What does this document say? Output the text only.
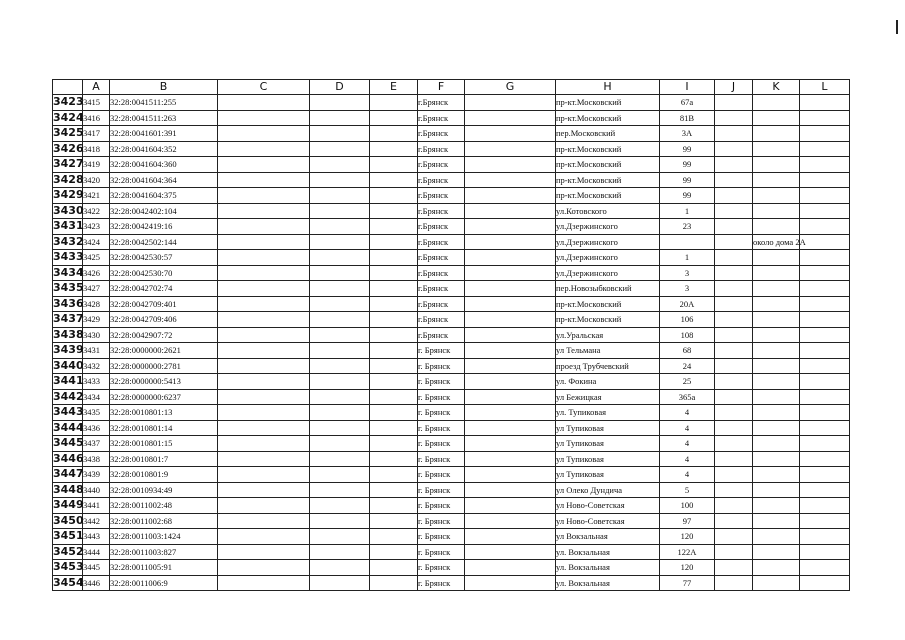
	A	B	C	D	E	F	G	H	I	J	K	L
3423	3415	32:28:0041511:255				г.Брянск		пр-кт.Московский	67а			
3424	3416	32:28:0041511:263				г.Брянск		пр-кт.Московский	81В			
3425	3417	32:28:0041601:391				г.Брянск		пер.Московский	3А			
3426	3418	32:28:0041604:352				г.Брянск		пр-кт.Московский	99			
3427	3419	32:28:0041604:360				г.Брянск		пр-кт.Московский	99			
3428	3420	32:28:0041604:364				г.Брянск		пр-кт.Московский	99			
3429	3421	32:28:0041604:375				г.Брянск		пр-кт.Московский	99			
3430	3422	32:28:0042402:104				г.Брянск		ул.Котовского	1			
3431	3423	32:28:0042419:16				г.Брянск		ул.Дзержинского	23			
3432	3424	32:28:0042502:144				г.Брянск		ул.Дзержинского			около дома 2А	
3433	3425	32:28:0042530:57				г.Брянск		ул.Дзержинского	1			
3434	3426	32:28:0042530:70				г.Брянск		ул.Дзержинского	3			
3435	3427	32:28:0042702:74				г.Брянск		пер.Новозыбковский	3			
3436	3428	32:28:0042709:401				г.Брянск		пр-кт.Московский	20А			
3437	3429	32:28:0042709:406				г.Брянск		пр-кт.Московский	106			
3438	3430	32:28:0042907:72				г.Брянск		ул.Уральская	108			
3439	3431	32:28:0000000:2621				г. Брянск		ул Тельмана	68			
3440	3432	32:28:0000000:2781				г. Брянск		проезд Трубчевский	24			
3441	3433	32:28:0000000:5413				г. Брянск		ул. Фокина	25			
3442	3434	32:28:0000000:6237				г. Брянск		ул Бежицкая	365а			
3443	3435	32:28:0010801:13				г. Брянск		ул. Тупиковая	4			
3444	3436	32:28:0010801:14				г. Брянск		ул Тупиковая	4			
3445	3437	32:28:0010801:15				г. Брянск		ул Тупиковая	4			
3446	3438	32:28:0010801:7				г. Брянск		ул Тупиковая	4			
3447	3439	32:28:0010801:9				г. Брянск		ул Тупиковая	4			
3448	3440	32:28:0010934:49				г. Брянск		ул Олеко Дундича	5			
3449	3441	32:28:0011002:48				г. Брянск		ул Ново-Советская	100			
3450	3442	32:28:0011002:68				г. Брянск		ул Ново-Советская	97			
3451	3443	32:28:0011003:1424				г. Брянск		ул Вокзальная	120			
3452	3444	32:28:0011003:827				г. Брянск		ул. Вокзальная	122А			
3453	3445	32:28:0011005:91				г. Брянск		ул. Вокзальная	120			
3454	3446	32:28:0011006:9				г. Брянск		ул. Вокзальная	77			
